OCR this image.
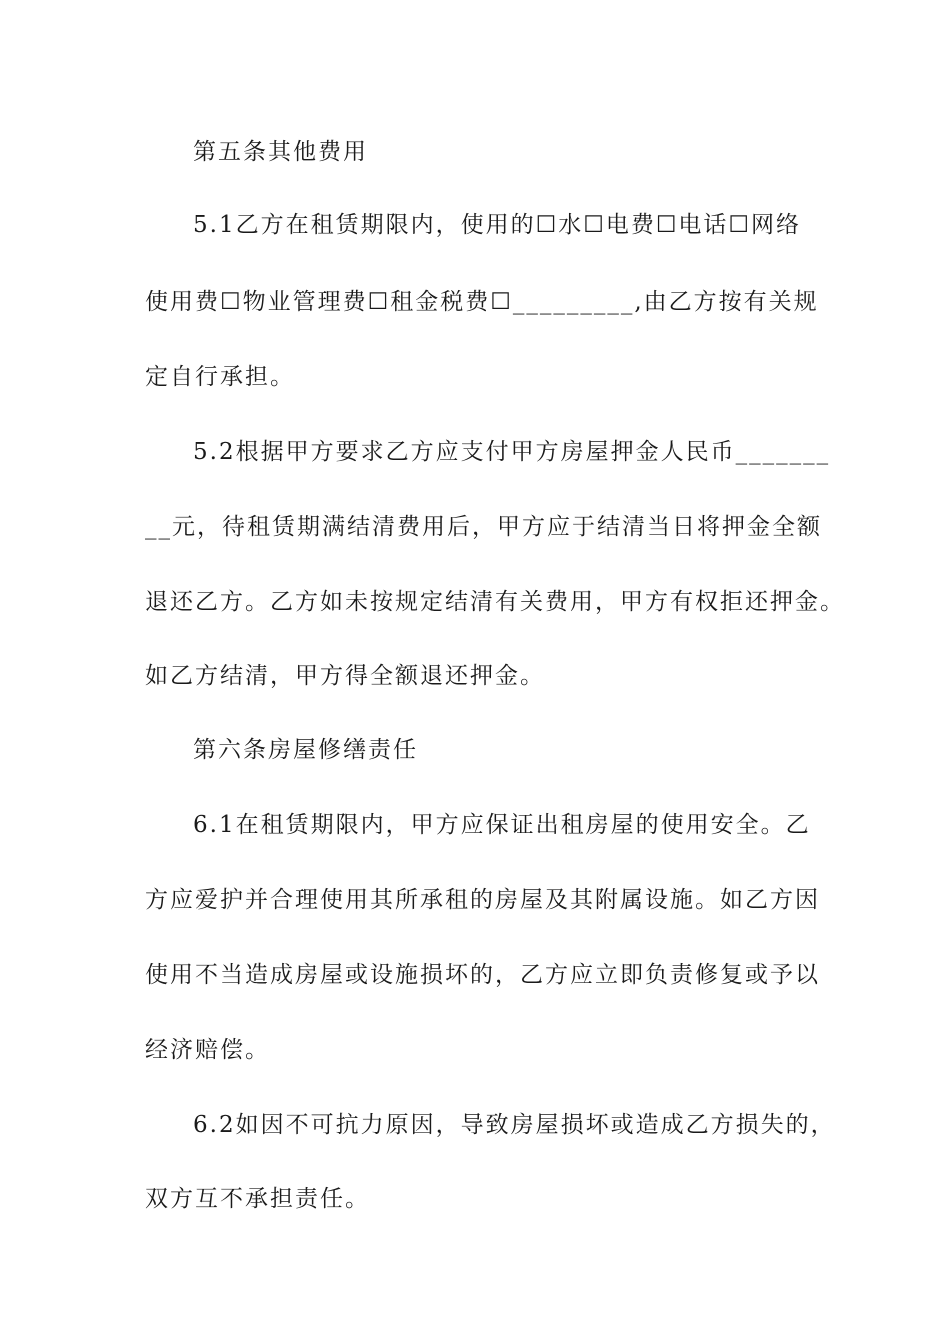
第五条其他费用
5.1乙方在租赁期限内，使用的☐水☐电费☐电话☐网络
使用费☐物业管理费☐租金税费☐_________,由乙方按有关规
定自行承担。
5.2根据甲方要求乙方应支付甲方房屋押金人民币_______
__元，待租赁期满结清费用后，甲方应于结清当日将押金全额
退还乙方。乙方如未按规定结清有关费用，甲方有权拒还押金。
如乙方结清，甲方得全额退还押金。
第六条房屋修缮责任
6.1在租赁期限内，甲方应保证出租房屋的使用安全。乙
方应爱护并合理使用其所承租的房屋及其附属设施。如乙方因
使用不当造成房屋或设施损坏的，乙方应立即负责修复或予以
经济赔偿。
6.2如因不可抗力原因，导致房屋损坏或造成乙方损失的，
双方互不承担责任。
